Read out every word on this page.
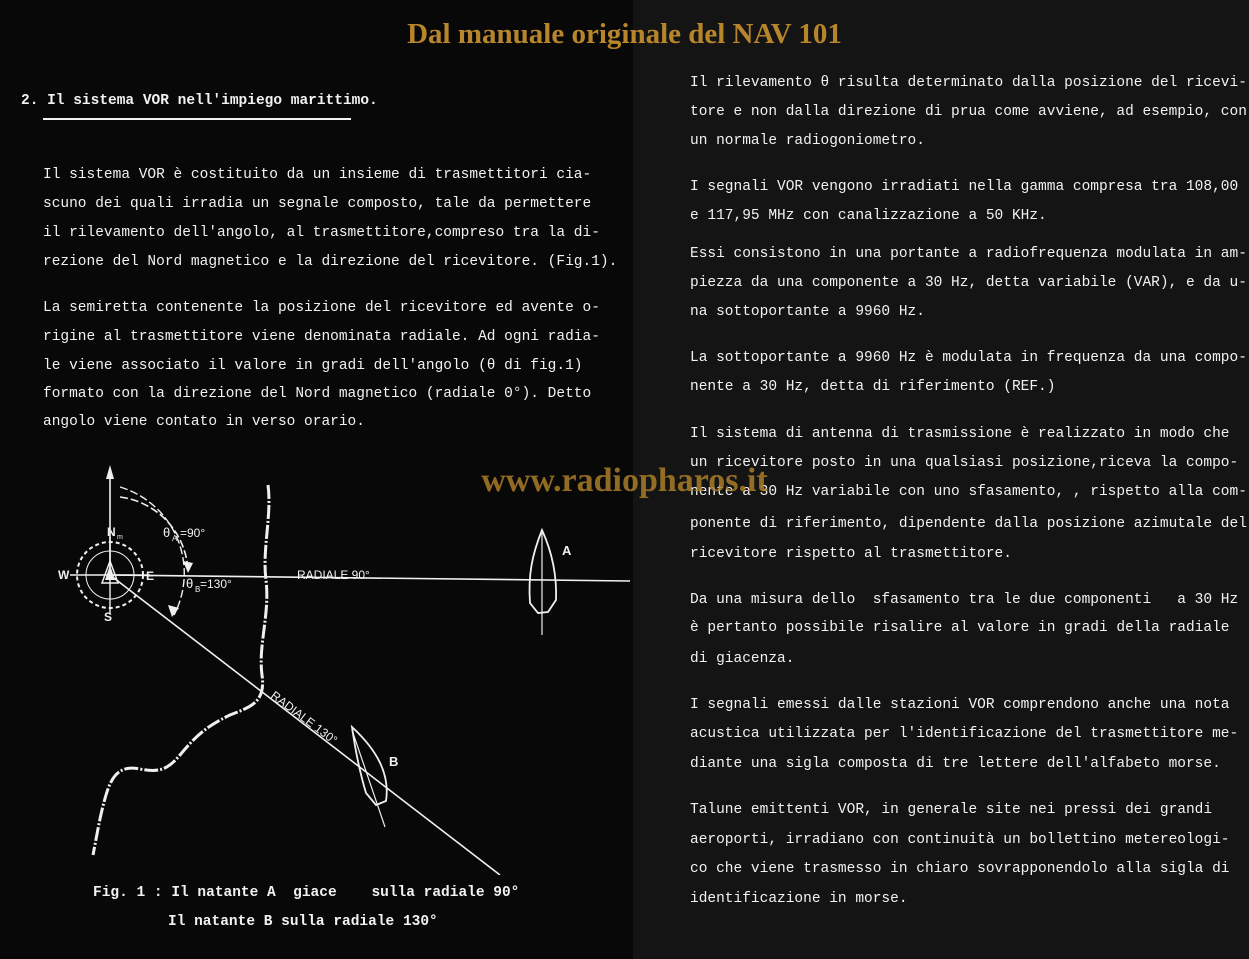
2. Il sistema VOR nell'impiego marittimo.
Il sistema VOR è costituito da un insieme di trasmettitori cia-
scuno dei quali irradia un segnale composto, tale da permettere
il rilevamento dell'angolo, al trasmettitore,compreso tra la di-
rezione del Nord magnetico e la direzione del ricevitore. (Fig.1).
La semiretta contenente la posizione del ricevitore ed avente o-
rigine al trasmettitore viene denominata radiale. Ad ogni radia-
le viene associato il valore in gradi dell'angolo (θ di fig.1)
formato con la direzione del Nord magnetico (radiale 0°). Detto
angolo viene contato in verso orario.
N m
W	E
S
θ A =90°
θ B =130°
RADIALE 90°
RADIALE 130°
A
B
Fig. 1 : Il natante A  giace    sulla radiale 90°
Il natante B sulla radiale 130°
Il rilevamento θ risulta determinato dalla posizione del ricevi-
tore e non dalla direzione di prua come avviene, ad esempio, con
un normale radiogoniometro.
I segnali VOR vengono irradiati nella gamma compresa tra 108,00
e 117,95 MHz con canalizzazione a 50 KHz.
Essi consistono in una portante a radiofrequenza modulata in am-
piezza da una componente a 30 Hz, detta variabile (VAR), e da u-
na sottoportante a 9960 Hz.
La sottoportante a 9960 Hz è modulata in frequenza da una compo-
nente a 30 Hz, detta di riferimento (REF.)
Il sistema di antenna di trasmissione è realizzato in modo che
un ricevitore posto in una qualsiasi posizione,riceva la compo-
nente a 30 Hz variabile con uno sfasamento, , rispetto alla com-
ponente di riferimento, dipendente dalla posizione azimutale del
ricevitore rispetto al trasmettitore.
Da una misura dello  sfasamento tra le due componenti   a 30 Hz
è pertanto possibile risalire al valore in gradi della radiale
di giacenza.
I segnali emessi dalle stazioni VOR comprendono anche una nota
acustica utilizzata per l'identificazione del trasmettitore me-
diante una sigla composta di tre lettere dell'alfabeto morse.
Talune emittenti VOR, in generale site nei pressi dei grandi
aeroporti, irradiano con continuità un bollettino metereologi-
co che viene trasmesso in chiaro sovrapponendolo alla sigla di
identificazione in morse.
Dal manuale originale del NAV 101
www.radiopharos.it
